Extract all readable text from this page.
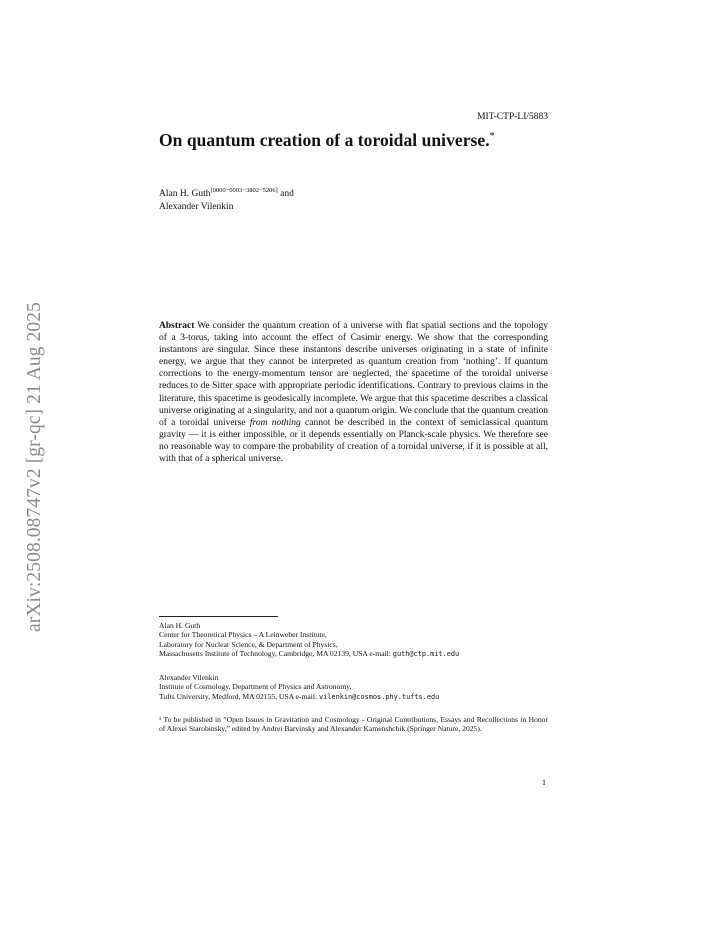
arXiv:2508.08747v2 [gr-qc] 21 Aug 2025
MIT-CTP-LI/5883
On quantum creation of a toroidal universe.*
Alan H. Guth[0000−0003−3802−5206] and
Alexander Vilenkin

Abstract We consider the quantum creation of a universe with flat spatial sections and the topology of a 3-torus, taking into account the effect of Casimir energy. We show that the corresponding instantons are singular. Since these instantons describe universes originating in a state of infinite energy, we argue that they cannot be interpreted as quantum creation from ‘nothing’. If quantum corrections to the energy-momentum tensor are neglected, the spacetime of the toroidal universe reduces to de Sitter space with appropriate periodic identifications. Contrary to previous claims in the literature, this spacetime is geodesically incomplete. We argue that this spacetime describes a classical universe originating at a singularity, and not a quantum origin. We conclude that the quantum creation of a toroidal universe from nothing cannot be described in the context of semiclassical quantum gravity — it is either impossible, or it depends essentially on Planck-scale physics. We therefore see no reasonable way to compare the probability of creation of a toroidal universe, if it is possible at all, with that of a spherical universe.

Alan H. Guth
Center for Theoretical Physics – A Leinweber Institute,
Laboratory for Nuclear Science, & Department of Physics,
Massachusetts Institute of Technology, Cambridge, MA 02139, USA e-mail: guth@ctp.mit.edu
Alexander Vilenkin
Institute of Cosmology, Department of Physics and Astronomy,
Tufts University, Medford, MA 02155, USA e-mail: vilenkin@cosmos.phy.tufts.edu
¹ To be published in ”Open Issues in Gravitation and Cosmology - Original Contributions, Essays and Recollections in Honor of Alexei Starobinsky,” edited by Andrei Barvinsky and Alexander Kamenshchik (Springer Nature, 2025).
1
